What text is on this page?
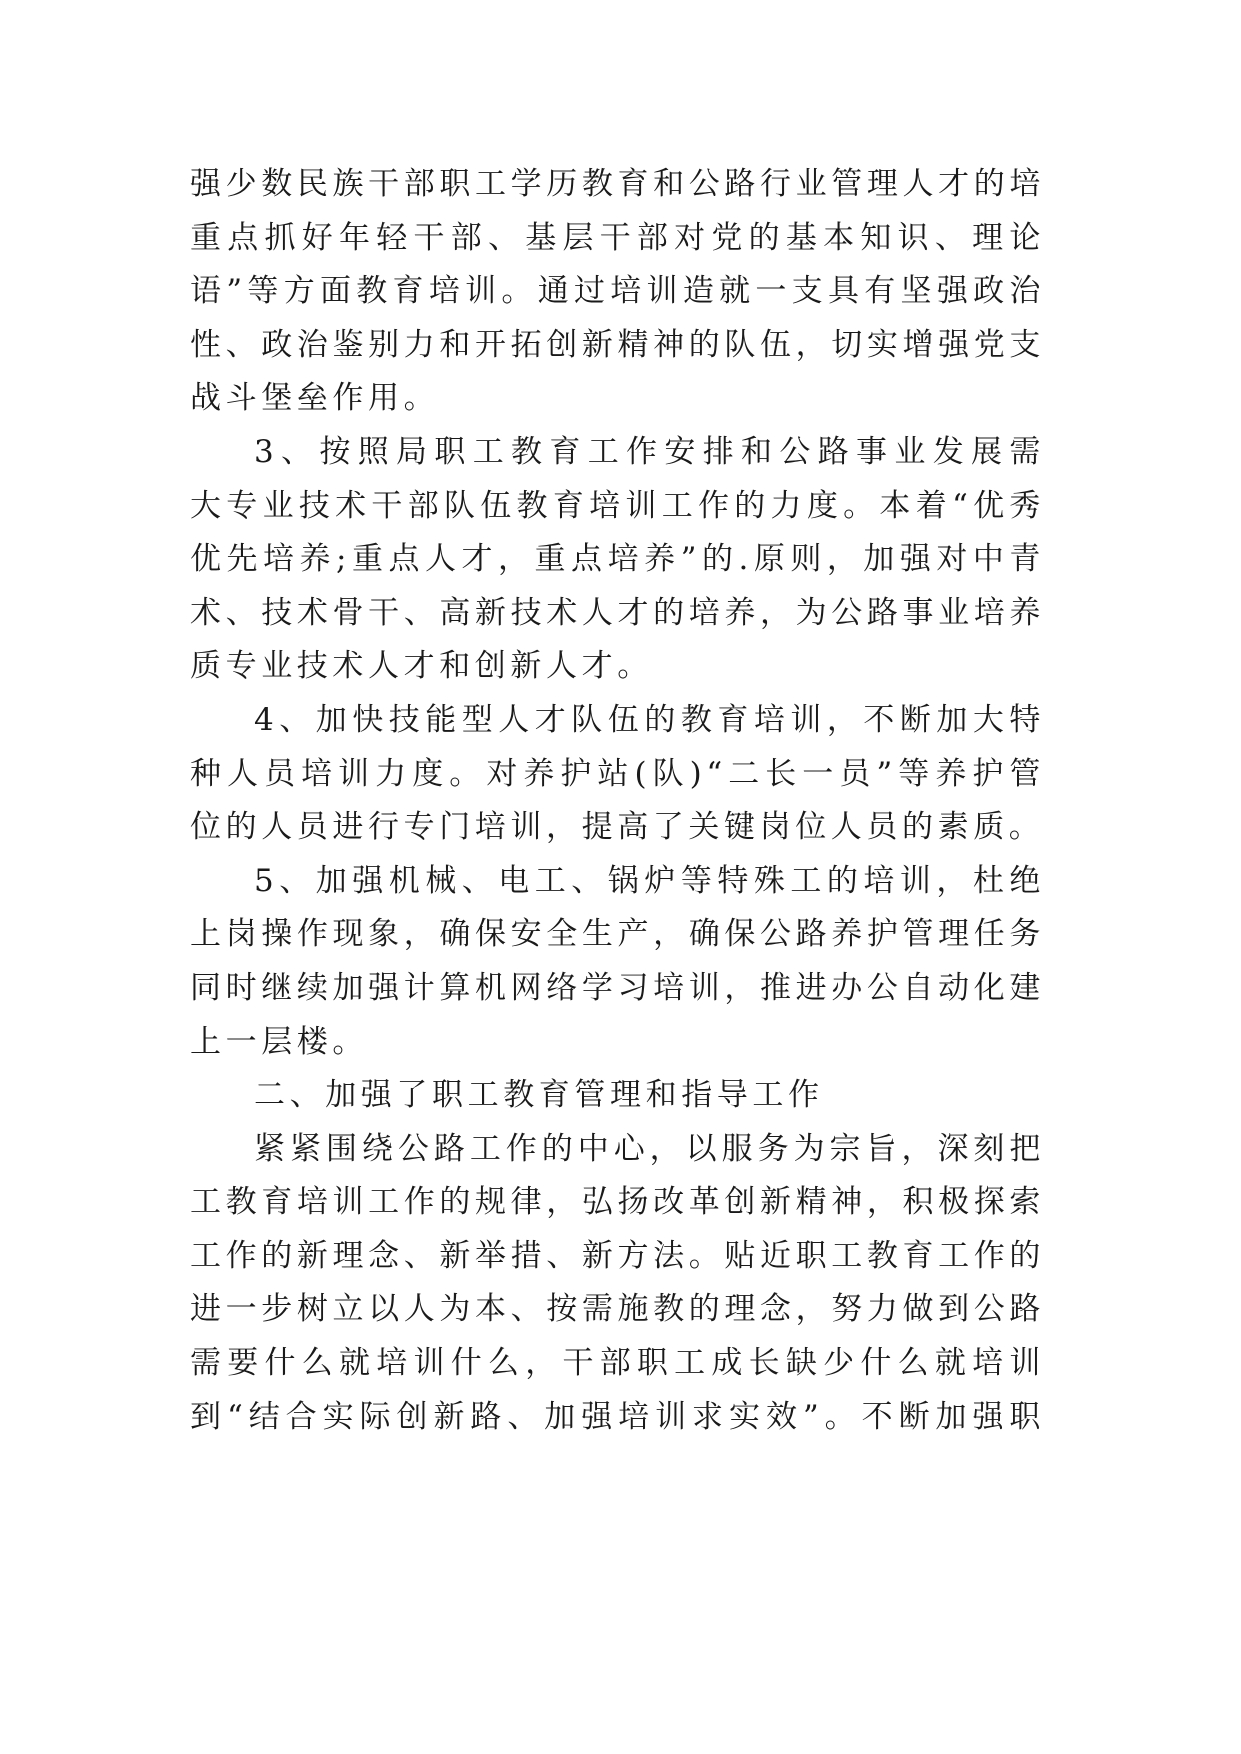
强少数民族干部职工学历教育和公路行业管理人才的培
重点抓好年轻干部、基层干部对党的基本知识、理论
语”等方面教育培训。通过培训造就一支具有坚强政治
性、政治鉴别力和开拓创新精神的队伍，切实增强党支
战斗堡垒作用。
3、按照局职工教育工作安排和公路事业发展需
大专业技术干部队伍教育培训工作的力度。本着“优秀
优先培养;重点人才，重点培养”的.原则，加强对中青
术、技术骨干、高新技术人才的培养，为公路事业培养
质专业技术人才和创新人才。
4、加快技能型人才队伍的教育培训，不断加大特
种人员培训力度。对养护站(队)“二长一员”等养护管
位的人员进行专门培训，提高了关键岗位人员的素质。
5、加强机械、电工、锅炉等特殊工的培训，杜绝
上岗操作现象，确保安全生产，确保公路养护管理任务
同时继续加强计算机网络学习培训，推进办公自动化建
上一层楼。
二、加强了职工教育管理和指导工作
紧紧围绕公路工作的中心，以服务为宗旨，深刻把
工教育培训工作的规律，弘扬改革创新精神，积极探索
工作的新理念、新举措、新方法。贴近职工教育工作的
进一步树立以人为本、按需施教的理念，努力做到公路
需要什么就培训什么，干部职工成长缺少什么就培训
到“结合实际创新路、加强培训求实效”。不断加强职
